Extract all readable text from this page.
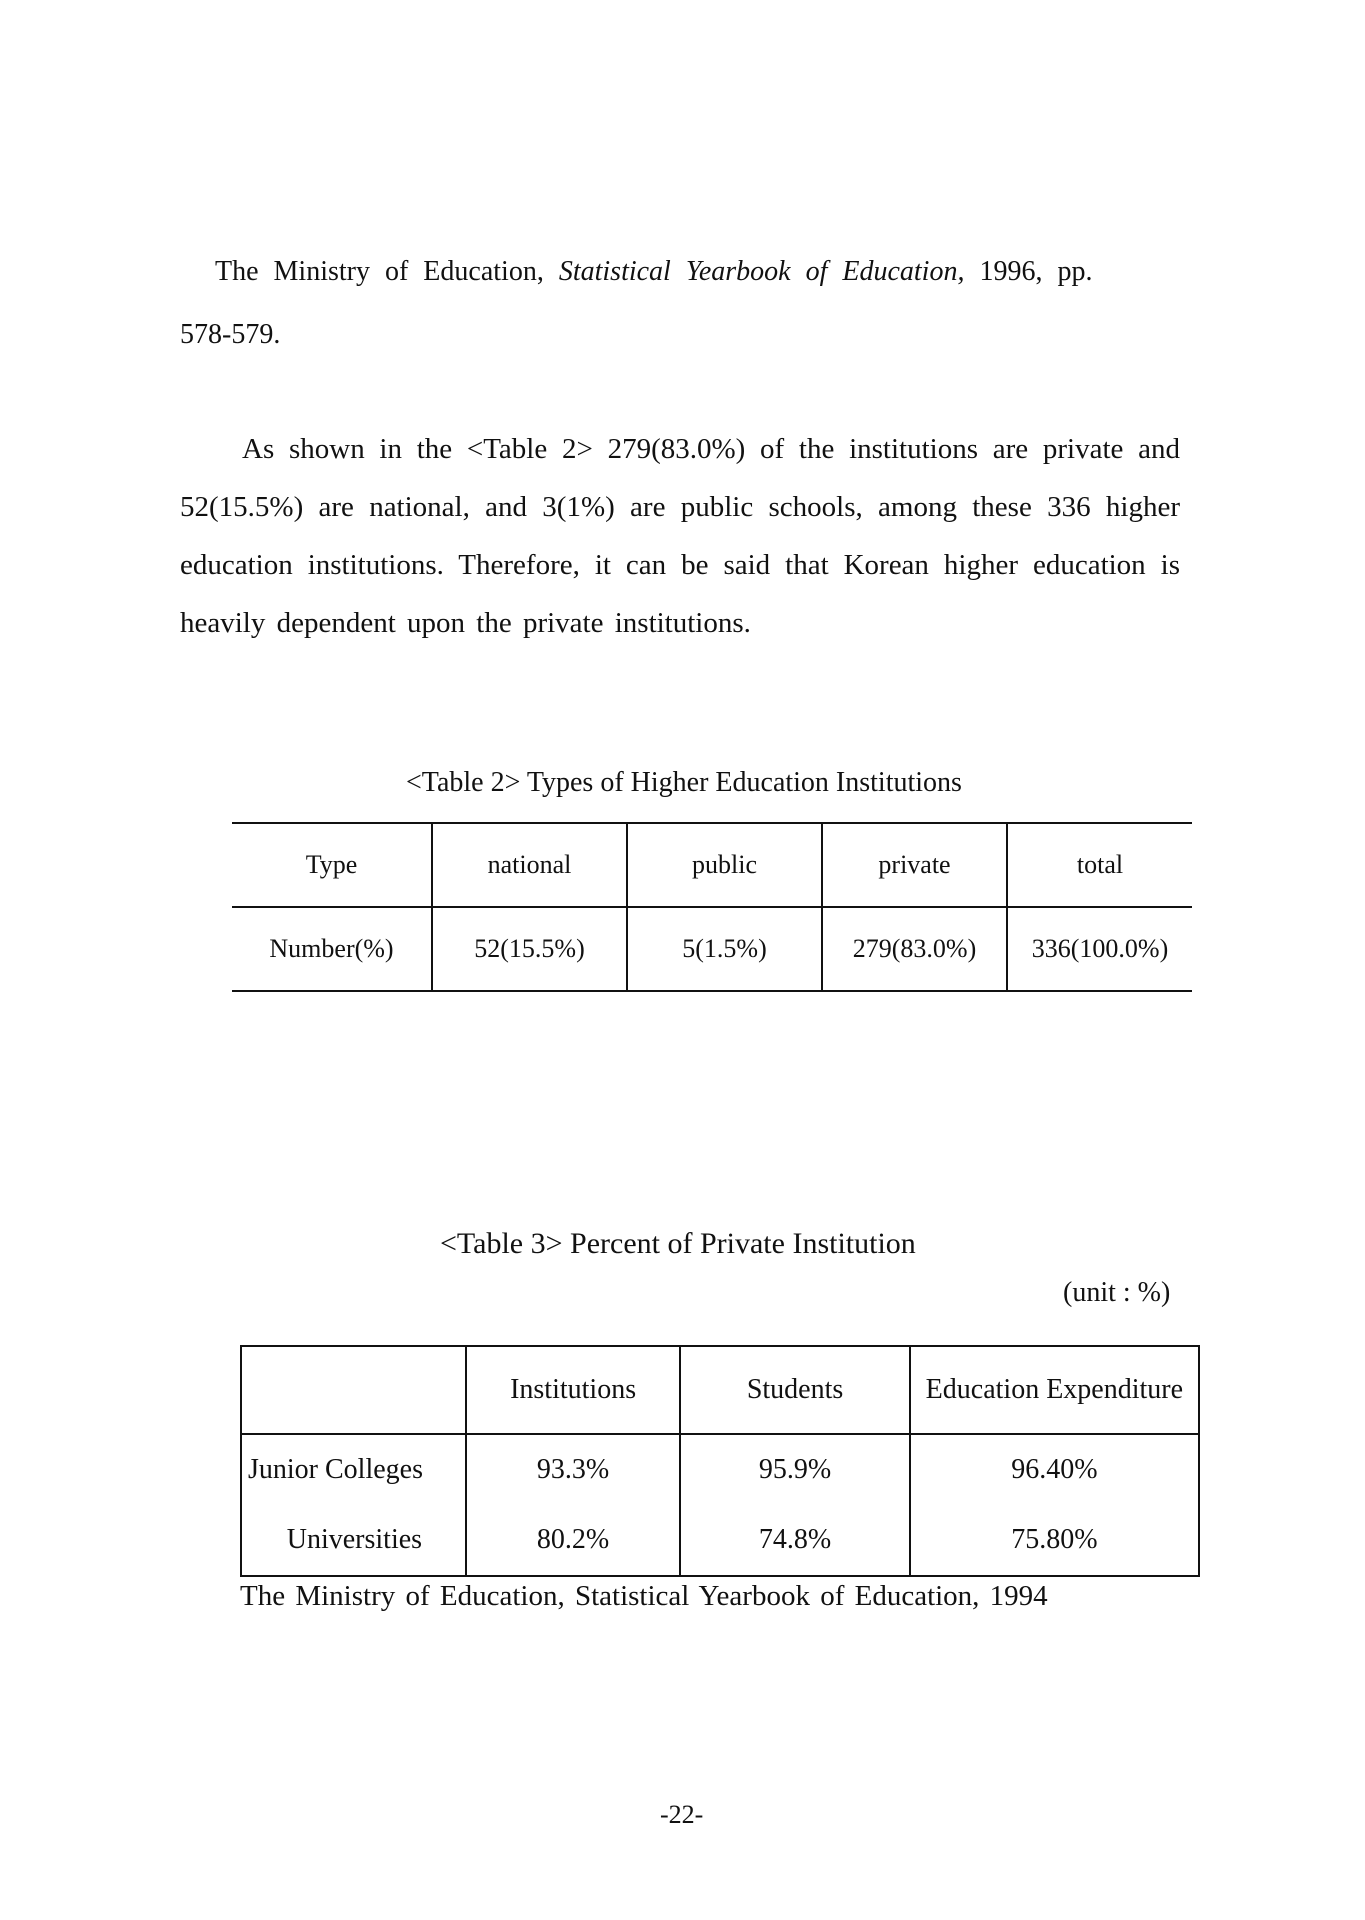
The Ministry of Education, Statistical Yearbook of Education, 1996, pp.
578-579.

As shown in the <Table 2> 279(83.0%) of the institutions are private and 52(15.5%) are national, and 3(1%) are public schools, among these 336 higher education institutions. Therefore, it can be said that Korean higher education is heavily dependent upon the private institutions.

<Table 2> Types of Higher Education Institutions
Type	national	public	private	total
Number(%)	52(15.5%)	5(1.5%)	279(83.0%)	336(100.0%)
<Table 3> Percent of Private Institution
(unit : %)
	Institutions	Students	Education Expenditure
Junior Colleges	93.3%	95.9%	96.40%
Universities	80.2%	74.8%	75.80%
The Ministry of Education, Statistical Yearbook of Education, 1994
-22-
